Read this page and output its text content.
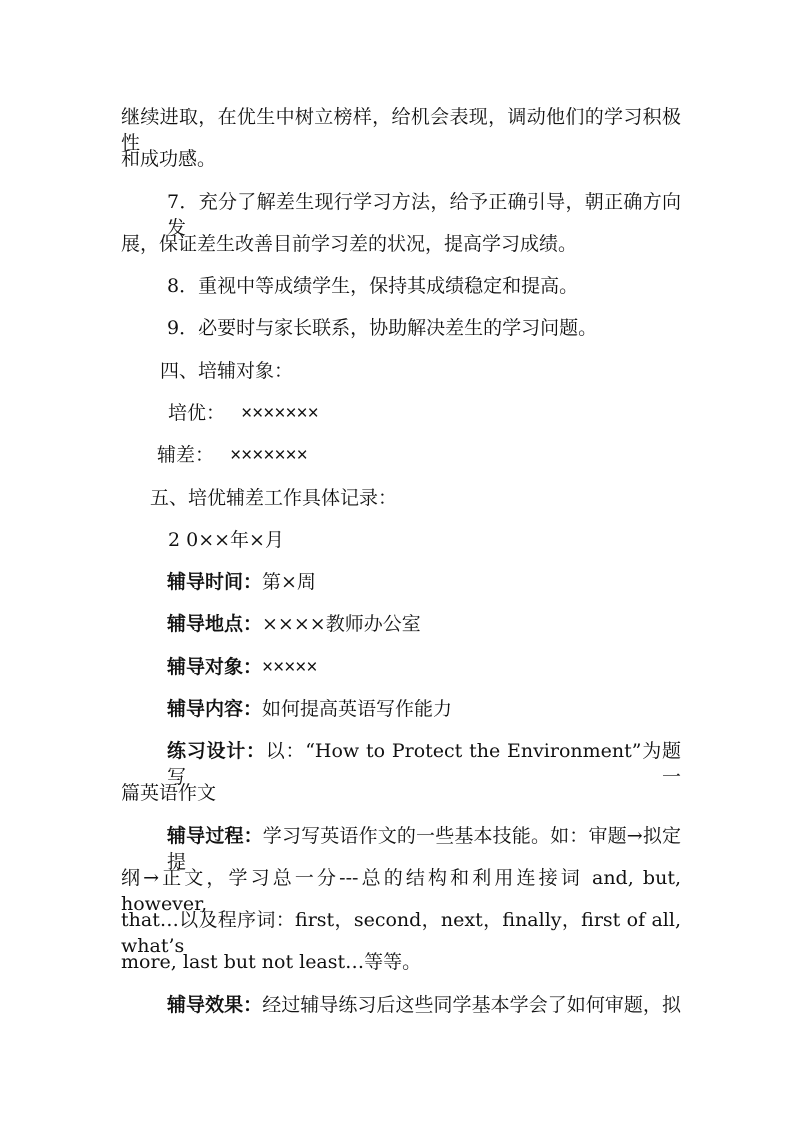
继续进取，在优生中树立榜样，给机会表现，调动他们的学习积极性
和成功感。
7．充分了解差生现行学习方法，给予正确引导，朝正确方向发
展，保证差生改善目前学习差的状况，提高学习成绩。
8．重视中等成绩学生，保持其成绩稳定和提高。
9．必要时与家长联系，协助解决差生的学习问题。
四、培辅对象：
培优： ×××××××
辅差： ×××××××
五、培优辅差工作具体记录：
2 0××年×月
辅导时间：第×周
辅导地点：××××教师办公室
辅导对象：×××××
辅导内容：如何提高英语写作能力
练习设计：以：“How to Protect the Environment”为题写一
篇英语作文
辅导过程：学习写英语作文的一些基本技能。如：审题→拟定提
纲→正文，学习总一分---总的结构和利用连接词 and, but, however,
that…以及程序词：first，second，next，finally，first of all, what’s
more, last but not least…等等。
辅导效果：经过辅导练习后这些同学基本学会了如何审题，拟
